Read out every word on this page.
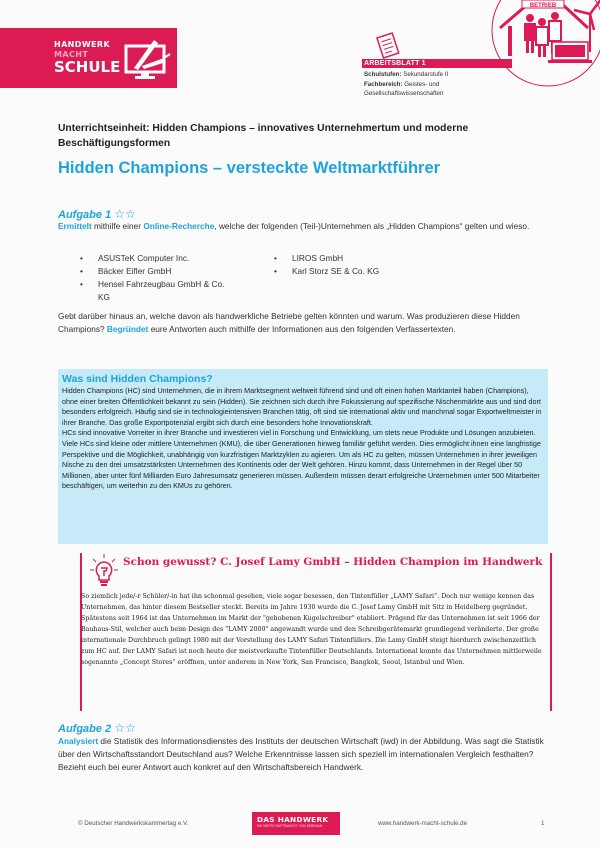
HANDWERK
MACHT
SCHULE	ARBEITSBLATT 1
Schulstufen: Sekundarstufe II
Fachbereich: Geistes- und Gesellschaftswissenschaften
BETRIEB
Unterrichtseinheit: Hidden Champions – innovatives Unternehmertum und moderne Beschäftigungsformen
Hidden Champions – versteckte Weltmarktführer
Aufgabe 1 ☆☆
Ermittelt mithilfe einer Online-Recherche, welche der folgenden (Teil-)Unternehmen als „Hidden Champions“ gelten und wieso.
• ASUSTeK Computer Inc.
• Bäcker Eifler GmbH
• Hensel Fahrzeugbau GmbH & Co. KG
• LIROS GmbH
• Karl Storz SE & Co. KG
Gebt darüber hinaus an, welche davon als handwerkliche Betriebe gelten könnten und warum. Was produzieren diese Hidden Champions? Begründet eure Antworten auch mithilfe der Informationen aus den folgenden Verfassertexten.
Was sind Hidden Champions?

Hidden Champions (HC) sind Unternehmen, die in ihrem Marktsegment weltweit führend sind und oft einen hohen Marktanteil haben (Champions), ohne einer breiten Öffentlichkeit bekannt zu sein (Hidden). Sie zeichnen sich durch ihre Fokussierung auf spezifische Nischenmärkte aus und sind dort besonders erfolgreich. Häufig sind sie in technologieintensiven Branchen tätig, oft sind sie international aktiv und manchmal sogar Exportweltmeister in ihrer Branche. Das große Exportpotenzial ergibt sich durch eine besonders hohe Innovationskraft.

HCs sind innovative Vorreiter in ihrer Branche und investieren viel in Forschung und Entwicklung, um stets neue Produkte und Lösungen anzubieten. Viele HCs sind kleine oder mittlere Unternehmen (KMU), die über Generationen hinweg familiär geführt werden. Dies ermöglicht ihnen eine langfristige Perspektive und die Möglichkeit, unabhängig von kurzfristigen Marktzyklen zu agieren. Um als HC zu gelten, müssen Unternehmen in ihrer jeweiligen Nische zu den drei umsatzstärksten Unternehmen des Kontinents oder der Welt gehören. Hinzu kommt, dass Unternehmen in der Regel über 50 Millionen, aber unter fünf Milliarden Euro Jahresumsatz generieren müssen. Außerdem müssen derart erfolgreiche Unternehmen unter 500 Mitarbeiter beschäftigen, um weiterhin zu den KMUs zu gehören.

Schon gewusst? C. Josef Lamy GmbH – Hidden Champion im Handwerk

So ziemlich jede/-r Schüler/-in hat ihn schonmal gesehen, viele sogar besessen, den Tintenfüller „LAMY Safari“. Doch nur wenige kennen das Unternehmen, das hinter diesem Bestseller steckt. Bereits im Jahre 1930 wurde die C. Josef Lamy GmbH mit Sitz in Heidelberg gegründet. Spätestens seit 1964 ist das Unternehmen im Markt der "gehobenen Kugelschreiber" etabliert. Prägend für das Unternehmen ist seit 1966 der Bauhaus-Stil, welcher auch beim Design des "LAMY 2000" angewandt wurde und den Schreibgerätemarkt grundlegend veränderte. Der große internationale Durchbruch gelingt 1980 mit der Vorstellung des LAMY Safari Tintenfüllers. Die Lamy GmbH steigt hierdurch zwischenzeitlich zum HC auf. Der LAMY Safari ist noch heute der meistverkaufte Tintenfüller Deutschlands. International konnte das Unternehmen mittlerweile sogenannte „Concept Stores“ eröffnen, unter anderem in New York, San Francisco, Bangkok, Seoul, Istanbul und Wien.

Aufgabe 2 ☆☆
Analysiert die Statistik des Informationsdienstes des Instituts der deutschen Wirtschaft (iwd) in der Abbildung. Was sagt die Statistik über den Wirtschaftsstandort Deutschland aus? Welche Erkenntnisse lassen sich speziell im internationalen Vergleich festhalten? Bezieht euch bei eurer Antwort auch konkret auf den Wirtschaftsbereich Handwerk.
© Deutscher Handwerkskammertag e.V.	DAS HANDWERK
DIE WIRTSCHAFTSMACHT. VON NEBENAN.	www.handwerk-macht-schule.de	1
